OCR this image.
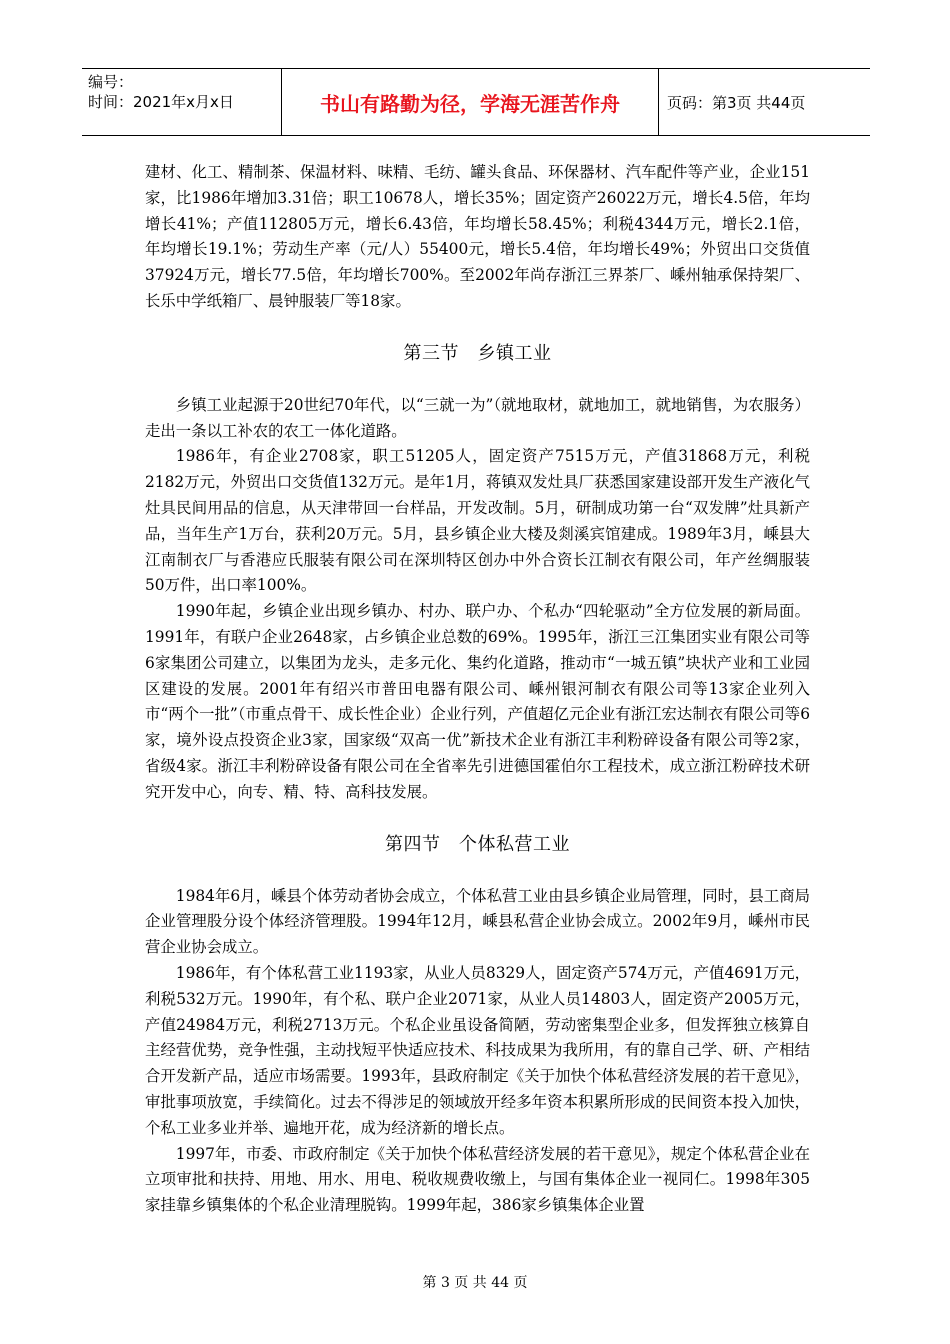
编号：
时间：2021年x月x日	书山有路勤为径，学海无涯苦作舟	页码：第3页 共44页

建材、化工、精制茶、保温材料、味精、毛纺、罐头食品、环保器材、汽车配件等产业，企业151家，比1986年增加3.31倍；职工10678人，增长35%；固定资产26022万元，增长4.5倍，年均增长41%；产值112805万元，增长6.43倍，年均增长58.45%；利税4344万元，增长2.1倍，年均增长19.1%；劳动生产率（元/人）55400元，增长5.4倍，年均增长49%；外贸出口交货值37924万元，增长77.5倍，年均增长700%。至2002年尚存浙江三界茶厂、嵊州轴承保持架厂、长乐中学纸箱厂、晨钟服装厂等18家。

第三节　乡镇工业

乡镇工业起源于20世纪70年代，以“三就一为”（就地取材，就地加工，就地销售，为农服务）走出一条以工补农的农工一体化道路。

1986年，有企业2708家，职工51205人，固定资产7515万元，产值31868万元，利税2182万元，外贸出口交货值132万元。是年1月，蒋镇双发灶具厂获悉国家建设部开发生产液化气灶具民间用品的信息，从天津带回一台样品，开发改制。5月，研制成功第一台“双发牌”灶具新产品，当年生产1万台，获利20万元。5月，县乡镇企业大楼及剡溪宾馆建成。1989年3月，嵊县大江南制衣厂与香港应氏服装有限公司在深圳特区创办中外合资长江制衣有限公司，年产丝绸服装50万件，出口率100%。

1990年起，乡镇企业出现乡镇办、村办、联户办、个私办“四轮驱动”全方位发展的新局面。1991年，有联户企业2648家，占乡镇企业总数的69%。1995年，浙江三江集团实业有限公司等6家集团公司建立，以集团为龙头，走多元化、集约化道路，推动市“一城五镇”块状产业和工业园区建设的发展。2001年有绍兴市普田电器有限公司、嵊州银河制衣有限公司等13家企业列入市“两个一批”（市重点骨干、成长性企业）企业行列，产值超亿元企业有浙江宏达制衣有限公司等6家，境外设点投资企业3家，国家级“双高一优”新技术企业有浙江丰利粉碎设备有限公司等2家，省级4家。浙江丰利粉碎设备有限公司在全省率先引进德国霍伯尔工程技术，成立浙江粉碎技术研究开发中心，向专、精、特、高科技发展。

第四节　个体私营工业

1984年6月，嵊县个体劳动者协会成立，个体私营工业由县乡镇企业局管理，同时，县工商局企业管理股分设个体经济管理股。1994年12月，嵊县私营企业协会成立。2002年9月，嵊州市民营企业协会成立。

1986年，有个体私营工业1193家，从业人员8329人，固定资产574万元，产值4691万元，利税532万元。1990年，有个私、联户企业2071家，从业人员14803人，固定资产2005万元，产值24984万元，利税2713万元。个私企业虽设备简陋，劳动密集型企业多，但发挥独立核算自主经营优势，竞争性强，主动找短平快适应技术、科技成果为我所用，有的靠自己学、研、产相结合开发新产品，适应市场需要。1993年，县政府制定《关于加快个体私营经济发展的若干意见》，审批事项放宽，手续简化。过去不得涉足的领域放开经多年资本积累所形成的民间资本投入加快，个私工业多业并举、遍地开花，成为经济新的增长点。

1997年，市委、市政府制定《关于加快个体私营经济发展的若干意见》，规定个体私营企业在立项审批和扶持、用地、用水、用电、税收规费收缴上，与国有集体企业一视同仁。1998年305家挂靠乡镇集体的个私企业清理脱钩。1999年起，386家乡镇集体企业置

第 3 页 共 44 页
